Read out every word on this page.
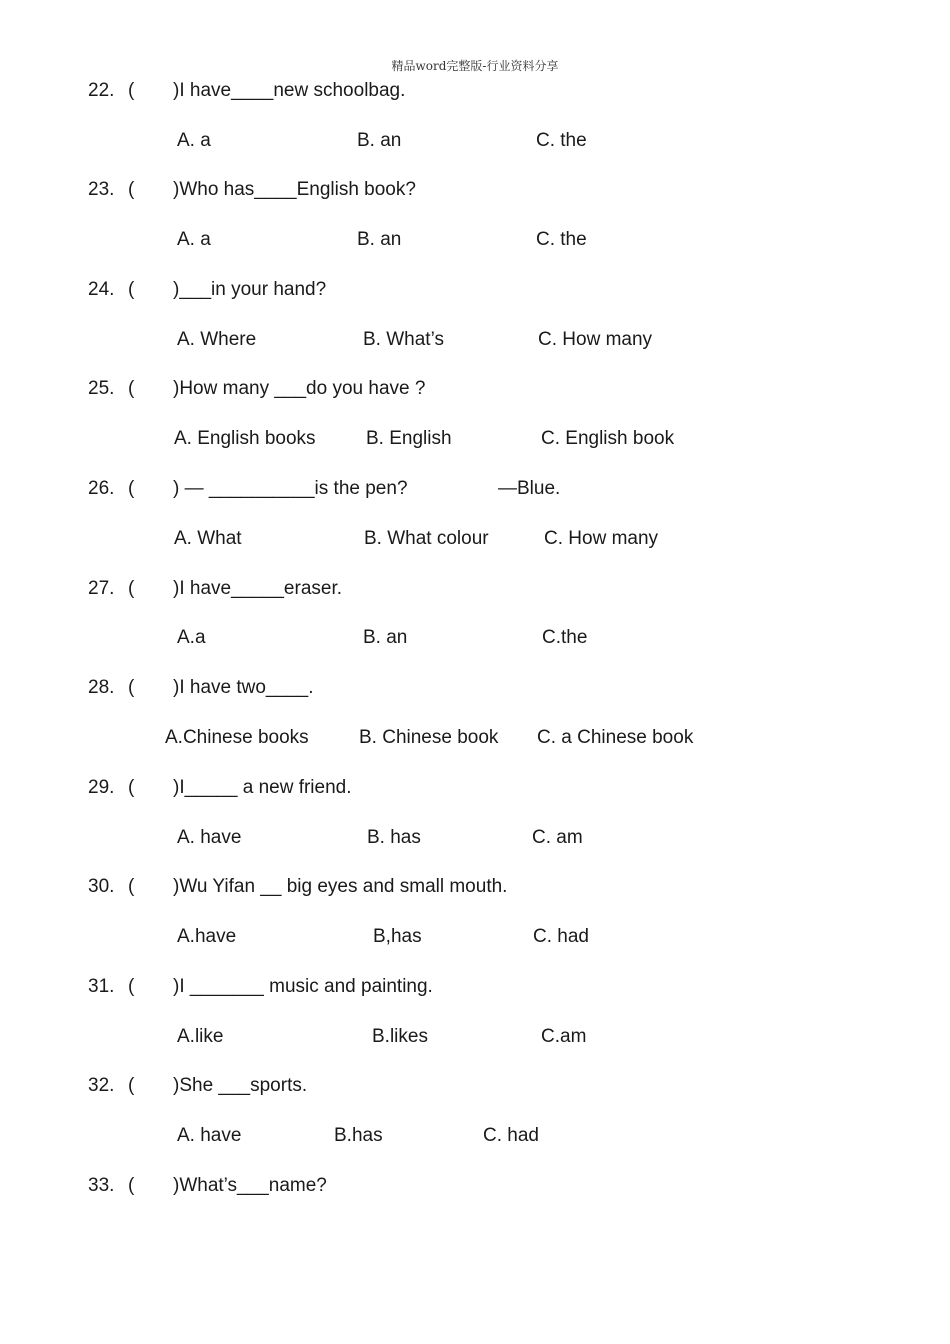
精品word完整版-行业资料分享
22. ( )I have____new schoolbag.
A. a	B. an	C. the
23. ( )Who has____English book?
A. a	B. an	C. the
24. ( )___in your hand?
A. Where	B. What’s	C. How many
25. ( )How many ___do you have ?
A. English books	B. English	C. English book
26. ( ) — __________is the pen?	—Blue.
A. What	B. What colour	C. How many
27. ( )I have_____eraser.
A.a	B. an	C.the
28. ( )I have two____.
A.Chinese books	B. Chinese book C. a Chinese book
29. ( )I_____ a new friend.
A. have	B. has	C. am
30. ( )Wu Yifan __ big eyes and small mouth.
A.have	B,has	C. had
31. ( )I _______ music and painting.
A.like	B.likes	C.am
32. ( )She ___sports.
A. have	B.has	C. had
33. ( )What’s___name?
